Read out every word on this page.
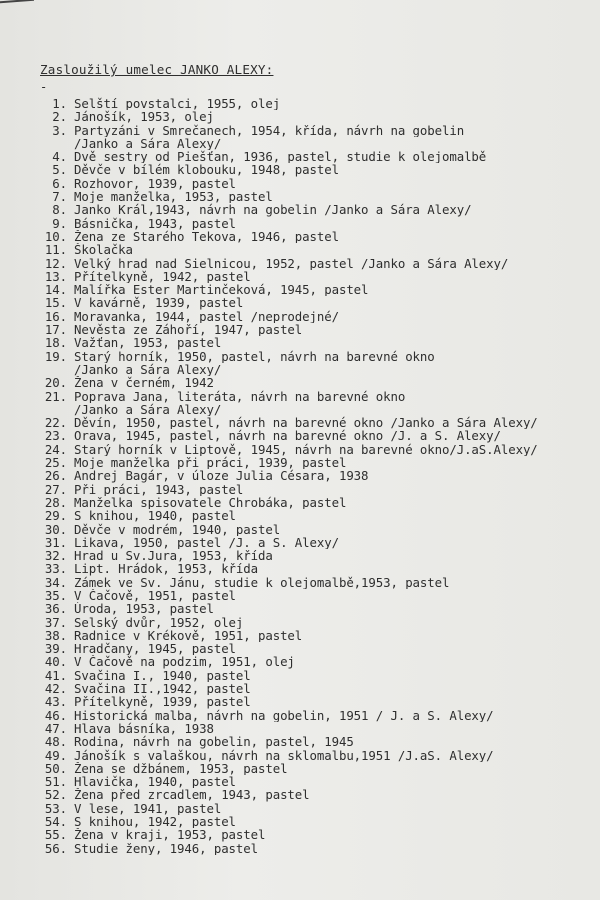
Zasloužilý umelec JANKO ALEXY:
-
1. Selští povstalci, 1955, olej
2. Jánošík, 1953, olej
3. Partyzáni v Smrečanech, 1954, křída, návrh na gobelin
/Janko a Sára Alexy/
4. Dvě sestry od Piešťan, 1936, pastel, studie k olejomalbě
5. Děvče v bílém klobouku, 1948, pastel
6. Rozhovor, 1939, pastel
7. Moje manželka, 1953, pastel
8. Janko Král,1943, návrh na gobelin /Janko a Sára Alexy/
9. Básnička, 1943, pastel
10. Žena ze Starého Tekova, 1946, pastel
11. Školačka
12. Velký hrad nad Sielnicou, 1952, pastel /Janko a Sára Alexy/
13. Přítelkyně, 1942, pastel
14. Malířka Ester Martinčeková, 1945, pastel
15. V kavárně, 1939, pastel
16. Moravanka, 1944, pastel /neprodejné/
17. Nevěsta ze Záhoří, 1947, pastel
18. Važťan, 1953, pastel
19. Starý horník, 1950, pastel, návrh na barevné okno
/Janko a Sára Alexy/
20. Žena v černém, 1942
21. Poprava Jana, literáta, návrh na barevné okno
/Janko a Sára Alexy/
22. Děvín, 1950, pastel, návrh na barevné okno /Janko a Sára Alexy/
23. Orava, 1945, pastel, návrh na barevné okno /J. a S. Alexy/
24. Starý horník v Liptově, 1945, návrh na barevné okno/J.aS.Alexy/
25. Moje manželka při práci, 1939, pastel
26. Andrej Bagár, v úloze Julia Césara, 1938
27. Při práci, 1943, pastel
28. Manželka spisovatele Chrobáka, pastel
29. S knihou, 1940, pastel
30. Děvče v modrém, 1940, pastel
31. Likava, 1950, pastel /J. a S. Alexy/
32. Hrad u Sv.Jura, 1953, křída
33. Lipt. Hrádok, 1953, křída
34. Zámek ve Sv. Jánu, studie k olejomalbě,1953, pastel
35. V Čačově, 1951, pastel
36. Úroda, 1953, pastel
37. Selský dvůr, 1952, olej
38. Radnice v Krékově, 1951, pastel
39. Hradčany, 1945, pastel
40. V Čačově na podzim, 1951, olej
41. Svačina I., 1940, pastel
42. Svačina II.,1942, pastel
43. Přítelkyně, 1939, pastel
46. Historická malba, návrh na gobelin, 1951 / J. a S. Alexy/
47. Hlava básníka, 1938
48. Rodina, návrh na gobelin, pastel, 1945
49. Jánošík s valaškou, návrh na sklomalbu,1951 /J.aS. Alexy/
50. Žena se džbánem, 1953, pastel
51. Hlavička, 1940, pastel
52. Žena před zrcadlem, 1943, pastel
53. V lese, 1941, pastel
54. S knihou, 1942, pastel
55. Žena v kraji, 1953, pastel
56. Studie ženy, 1946, pastel
